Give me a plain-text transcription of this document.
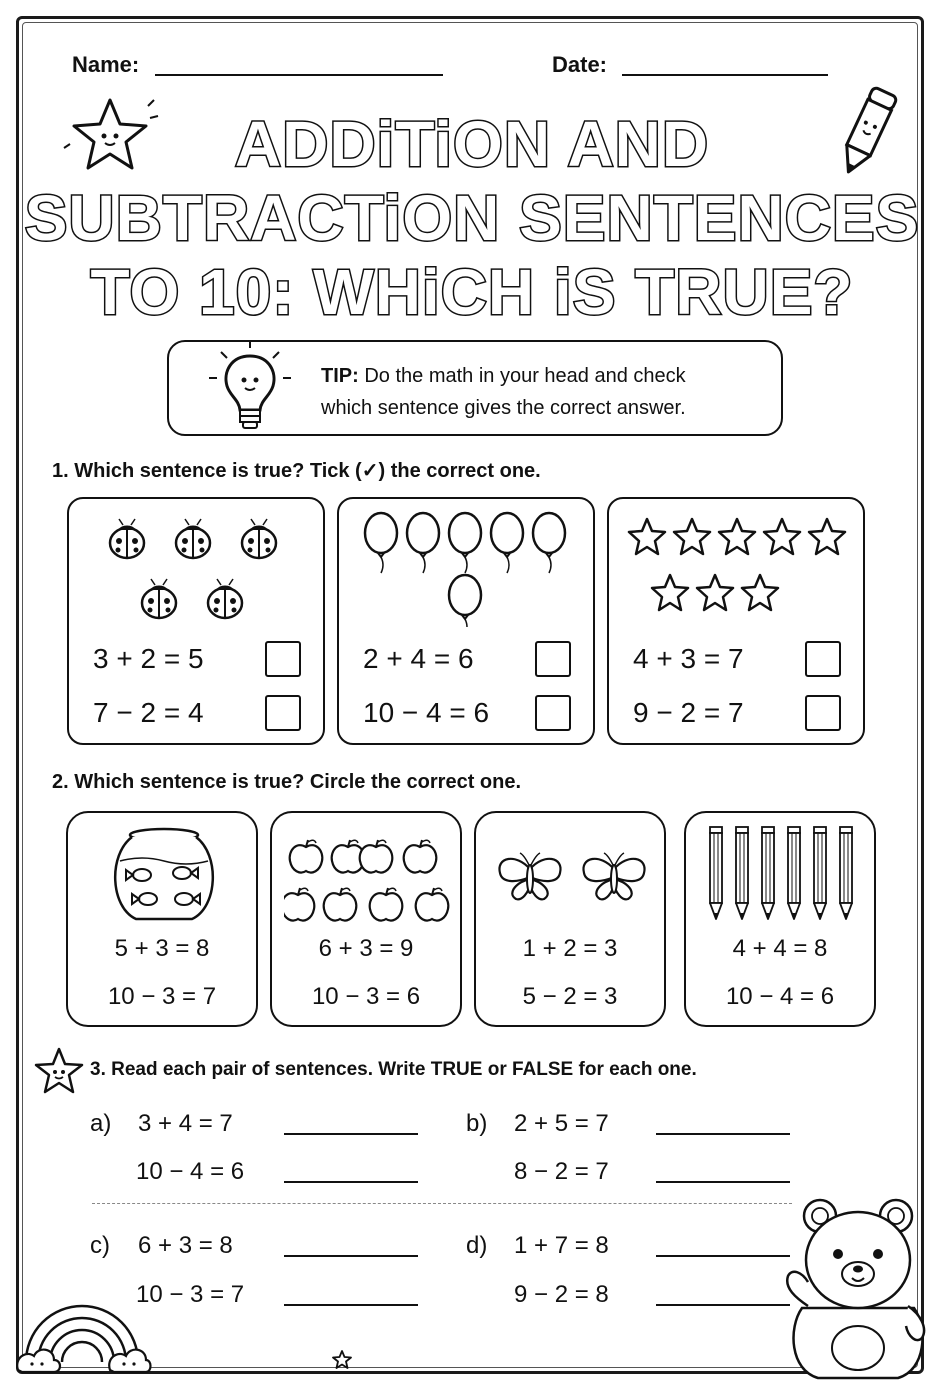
Name:	Date:
ADDiTiON AND
SUBTRACTiON SENTENCES
TO 10: WHiCH iS TRUE?
TIP: Do the math in your head and check
which sentence gives the correct answer.
1. Which sentence is true? Tick (✓) the correct one.
3 + 2 = 5
7 − 2 = 4
2 + 4 = 6
10 − 4 = 6
4 + 3 = 7
9 − 2 = 7
2. Which sentence is true? Circle the correct one.
5 + 3 = 8
10 − 3 = 7
6 + 3 = 9
10 − 3 = 6
1 + 2 = 3
5 − 2 = 3
4 + 4 = 8
10 − 4 = 6
3. Read each pair of sentences. Write TRUE or FALSE for each one.
a) 3 + 4 = 7
10 − 4 = 6
b) 2 + 5 = 7
8 − 2 = 7
c) 6 + 3 = 8
10 − 3 = 7
d) 1 + 7 = 8
9 − 2 = 8
